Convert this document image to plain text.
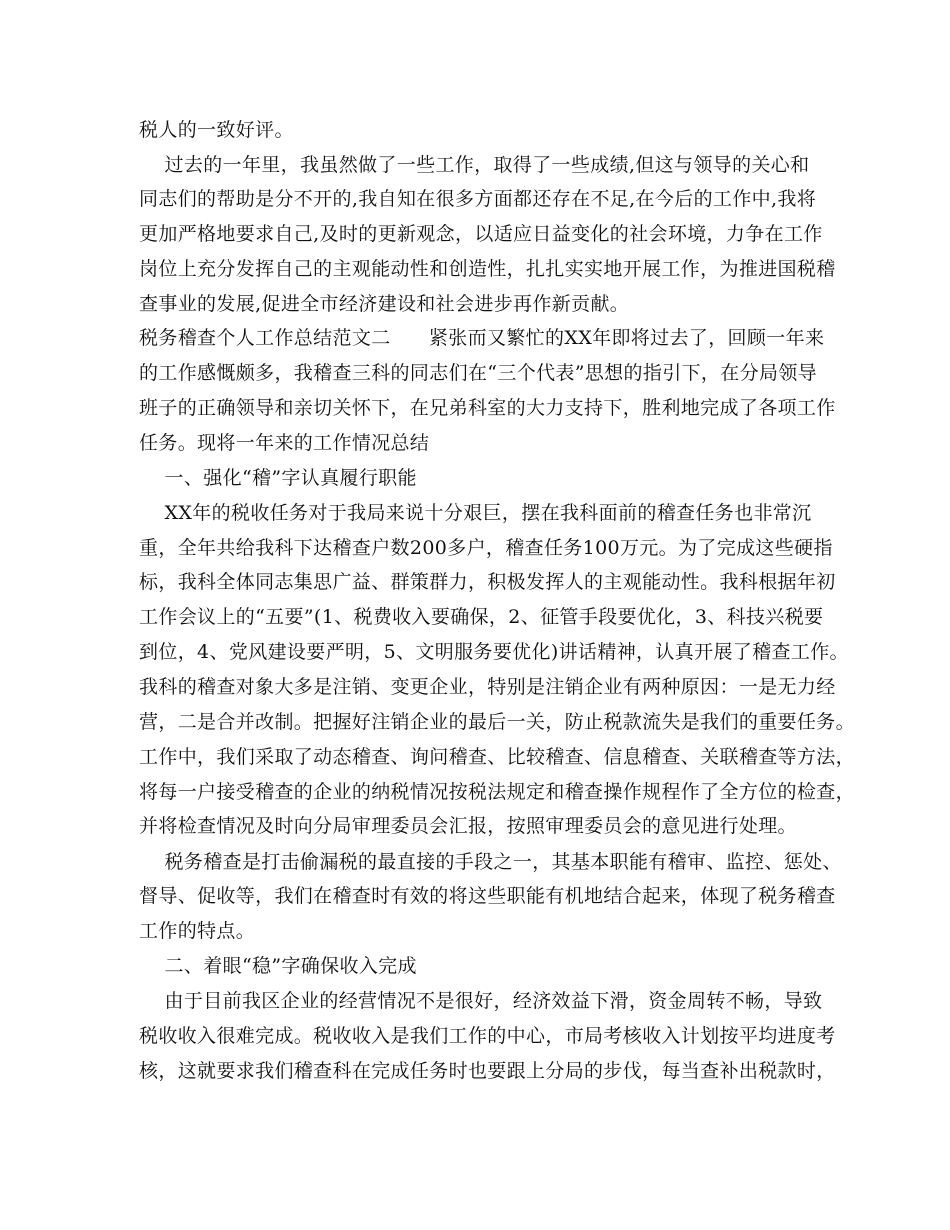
税人的一致好评。
过去的一年里，我虽然做了一些工作，取得了一些成绩,但这与领导的关心和
同志们的帮助是分不开的,我自知在很多方面都还存在不足,在今后的工作中,我将
更加严格地要求自己,及时的更新观念，以适应日益变化的社会环境，力争在工作
岗位上充分发挥自己的主观能动性和创造性，扎扎实实地开展工作，为推进国税稽
查事业的发展,促进全市经济建设和社会进步再作新贡献。
税务稽查个人工作总结范文二      紧张而又繁忙的XX年即将过去了，回顾一年来
的工作感慨颇多，我稽查三科的同志们在“三个代表”思想的指引下，在分局领导
班子的正确领导和亲切关怀下，在兄弟科室的大力支持下，胜利地完成了各项工作
任务。现将一年来的工作情况总结
一、强化“稽”字认真履行职能
XX年的税收任务对于我局来说十分艰巨，摆在我科面前的稽查任务也非常沉
重，全年共给我科下达稽查户数200多户，稽查任务100万元。为了完成这些硬指
标，我科全体同志集思广益、群策群力，积极发挥人的主观能动性。我科根据年初
工作会议上的“五要”(1、税费收入要确保，2、征管手段要优化，3、科技兴税要
到位，4、党风建设要严明，5、文明服务要优化)讲话精神，认真开展了稽查工作。
我科的稽查对象大多是注销、变更企业，特别是注销企业有两种原因：一是无力经
营，二是合并改制。把握好注销企业的最后一关，防止税款流失是我们的重要任务。
工作中，我们采取了动态稽查、询问稽查、比较稽查、信息稽查、关联稽查等方法，
将每一户接受稽查的企业的纳税情况按税法规定和稽查操作规程作了全方位的检查，
并将检查情况及时向分局审理委员会汇报，按照审理委员会的意见进行处理。
税务稽查是打击偷漏税的最直接的手段之一，其基本职能有稽审、监控、惩处、
督导、促收等，我们在稽查时有效的将这些职能有机地结合起来，体现了税务稽查
工作的特点。
二、着眼“稳”字确保收入完成
由于目前我区企业的经营情况不是很好，经济效益下滑，资金周转不畅，导致
税收收入很难完成。税收收入是我们工作的中心，市局考核收入计划按平均进度考
核，这就要求我们稽查科在完成任务时也要跟上分局的步伐，每当查补出税款时，
